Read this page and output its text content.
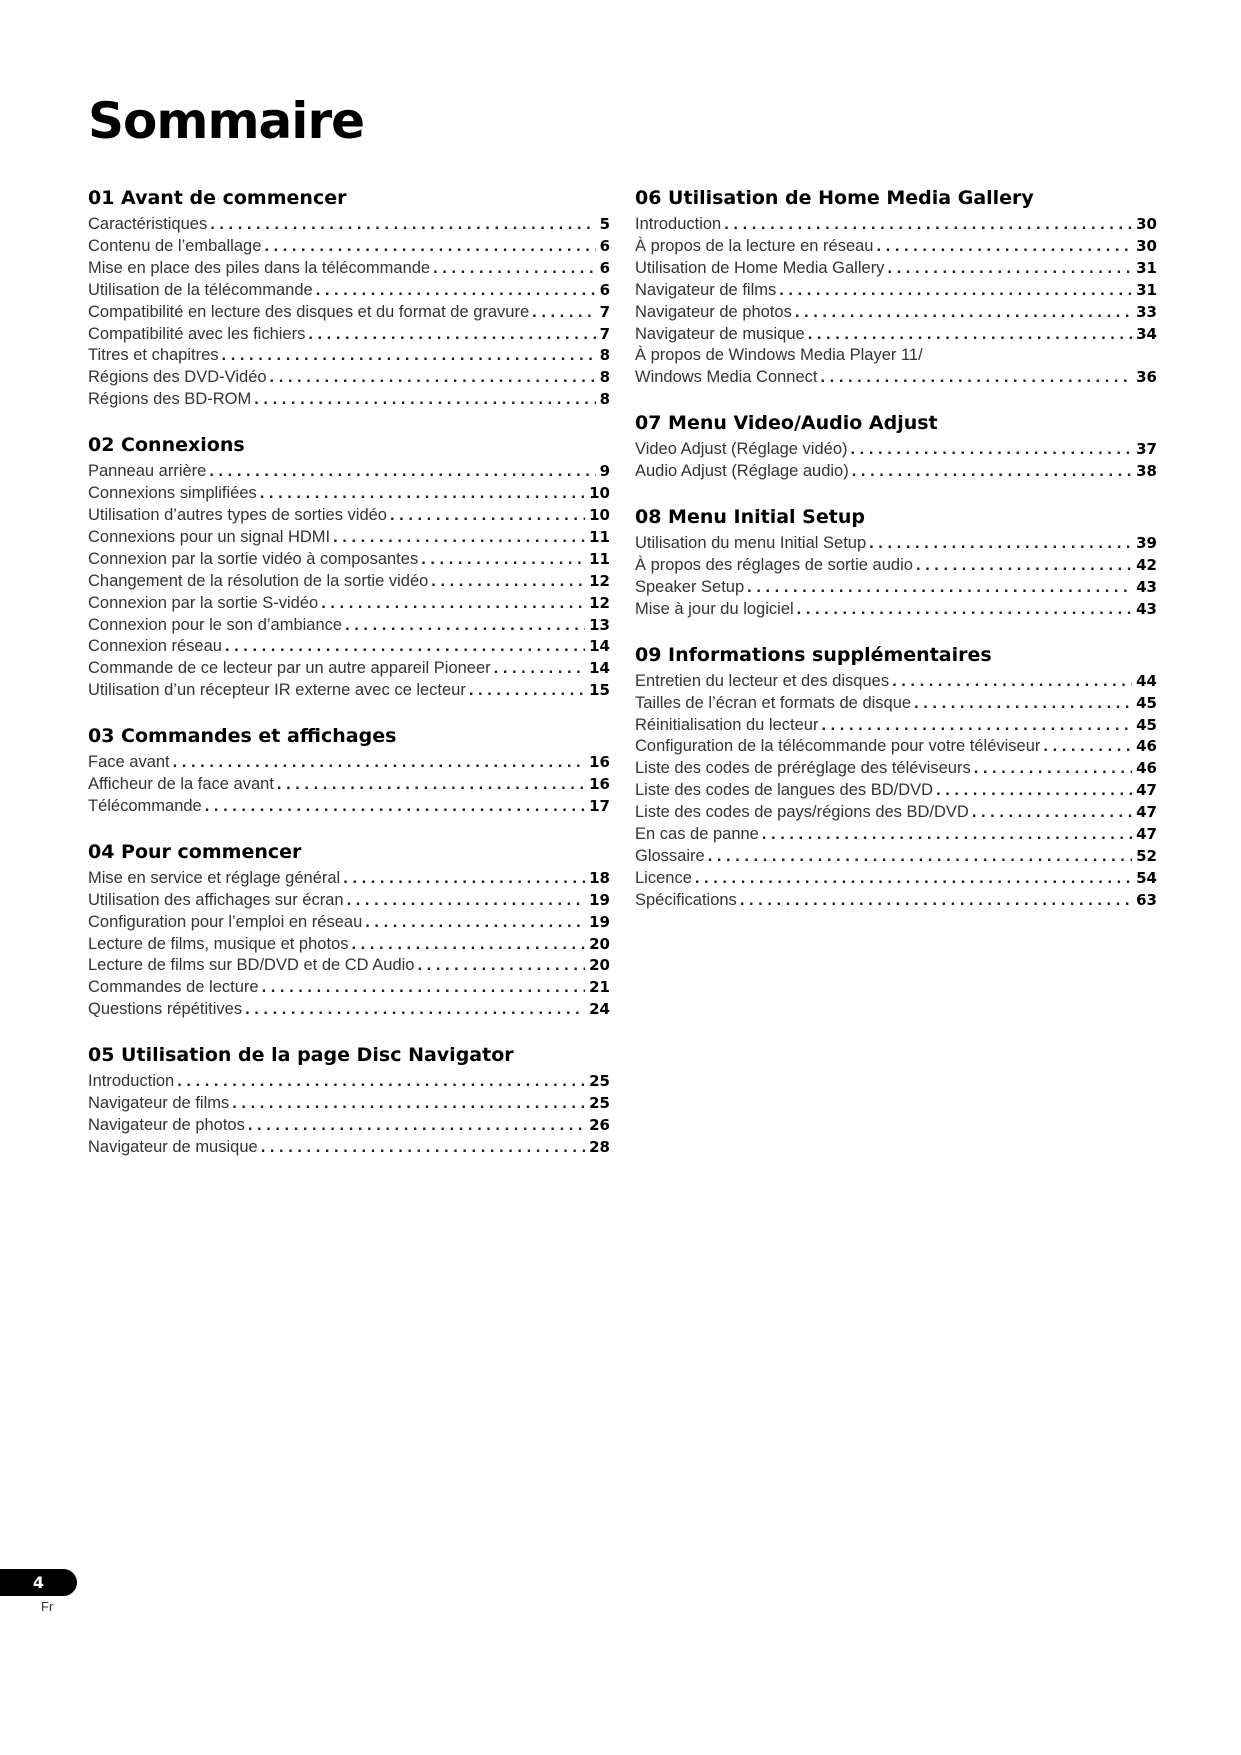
Sommaire
01 Avant de commencer
Caractéristiques . . .	5
Contenu de l’emballage . . .	6
Mise en place des piles dans la télécommande . . .	6
Utilisation de la télécommande . . .	6
Compatibilité en lecture des disques et du format de gravure . . .	7
Compatibilité avec les fichiers . . .	7
Titres et chapitres . . .	8
Régions des DVD-Vidéo . . .	8
Régions des BD-ROM . . .	8
02 Connexions
Panneau arrière . . .	9
Connexions simplifiées . . .	10
Utilisation d’autres types de sorties vidéo . . .	10
Connexions pour un signal HDMI . . .	11
Connexion par la sortie vidéo à composantes . . .	11
Changement de la résolution de la sortie vidéo . . .	12
Connexion par la sortie S-vidéo . . .	12
Connexion pour le son d’ambiance . . .	13
Connexion réseau . . .	14
Commande de ce lecteur par un autre appareil Pioneer . . .	14
Utilisation d’un récepteur IR externe avec ce lecteur . . .	15
03 Commandes et affichages
Face avant . . .	16
Afficheur de la face avant . . .	16
Télécommande . . .	17
04 Pour commencer
Mise en service et réglage général . . .	18
Utilisation des affichages sur écran . . .	19
Configuration pour l’emploi en réseau . . .	19
Lecture de films, musique et photos . . .	20
Lecture de films sur BD/DVD et de CD Audio . . .	20
Commandes de lecture . . .	21
Questions répétitives . . .	24
05 Utilisation de la page Disc Navigator
Introduction . . .	25
Navigateur de films . . .	25
Navigateur de photos . . .	26
Navigateur de musique . . .	28
06 Utilisation de Home Media Gallery
Introduction . . .	30
À propos de la lecture en réseau . . .	30
Utilisation de Home Media Gallery . . .	31
Navigateur de films . . .	31
Navigateur de photos . . .	33
Navigateur de musique . . .	34
À propos de Windows Media Player 11/
Windows Media Connect . . .	36
07 Menu Video/Audio Adjust
Video Adjust (Réglage vidéo) . . .	37
Audio Adjust (Réglage audio) . . .	38
08 Menu Initial Setup
Utilisation du menu Initial Setup . . .	39
À propos des réglages de sortie audio . . .	42
Speaker Setup . . .	43
Mise à jour du logiciel . . .	43
09 Informations supplémentaires
Entretien du lecteur et des disques . . .	44
Tailles de l’écran et formats de disque . . .	45
Réinitialisation du lecteur . . .	45
Configuration de la télécommande pour votre téléviseur . . .	46
Liste des codes de préréglage des téléviseurs . . .	46
Liste des codes de langues des BD/DVD . . .	47
Liste des codes de pays/régions des BD/DVD . . .	47
En cas de panne . . .	47
Glossaire . . .	52
Licence . . .	54
Spécifications . . .	63
4
Fr
